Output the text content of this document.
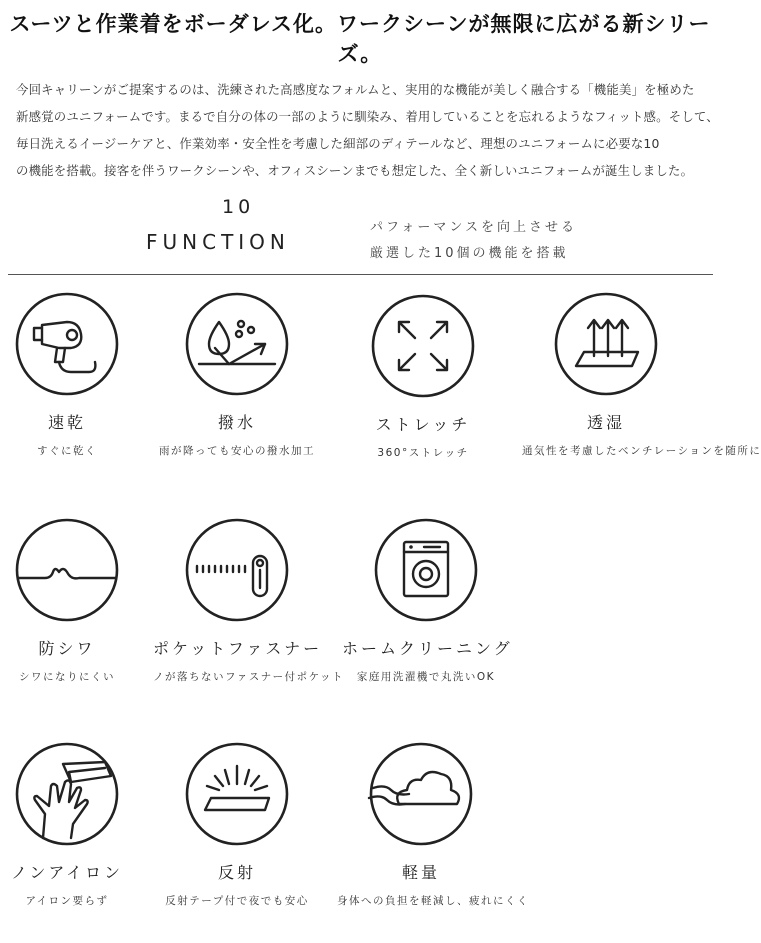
スーツと作業着をボーダレス化。ワークシーンが無限に広がる新シリーズ。

今回キャリーンがご提案するのは、洗練された高感度なフォルムと、実用的な機能が美しく融合する「機能美」を極めた

新感覚のユニフォームです。まるで自分の体の一部のように馴染み、着用していることを忘れるようなフィット感。そして、

毎日洗えるイージーケアと、作業効率・安全性を考慮した細部のディテールなど、理想のユニフォームに必要な10

の機能を搭載。接客を伴うワークシーンや、オフィスシーンまでも想定した、全く新しいユニフォームが誕生しました。

10
FUNCTION
パフォーマンスを向上させる
厳選した10個の機能を搭載
速乾
すぐに乾く
撥水
雨が降っても安心の撥水加工
ストレッチ
360°ストレッチ
透湿
通気性を考慮したベンチレーションを随所に
防シワ
シワになりにくい
ポケットファスナー
ノが落ちないファスナー付ポケット
ホームクリーニング
家庭用洗濯機で丸洗いOK
ノンアイロン
アイロン要らず
反射
反射テープ付で夜でも安心
軽量
身体への負担を軽減し、疲れにくく
